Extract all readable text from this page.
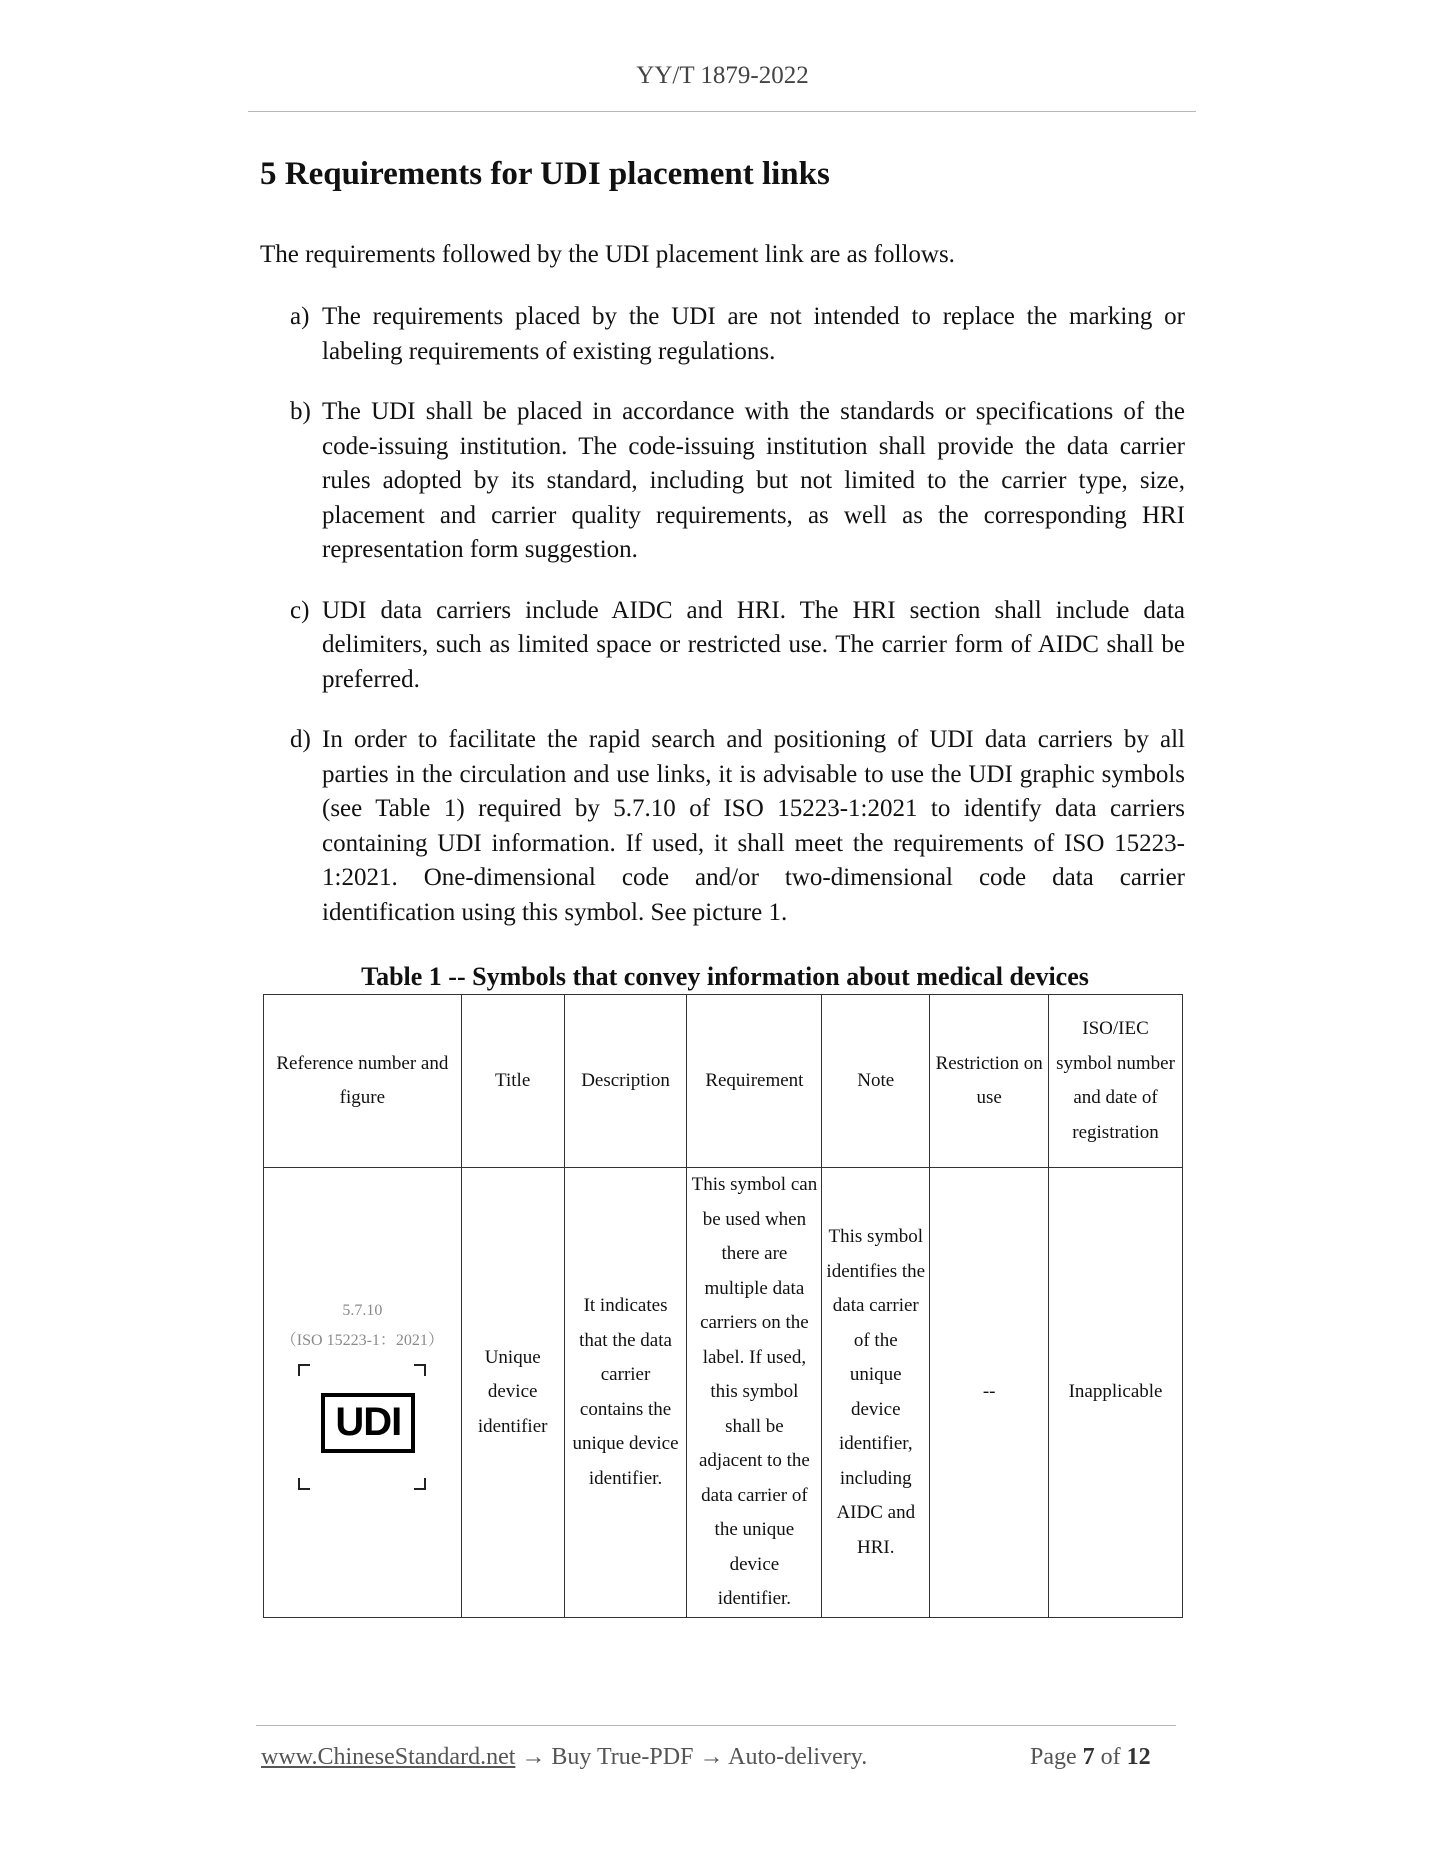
YY/T 1879-2022
5 Requirements for UDI placement links

The requirements followed by the UDI placement link are as follows.

a) The requirements placed by the UDI are not intended to replace the marking or labeling requirements of existing regulations.

b) The UDI shall be placed in accordance with the standards or specifications of the code-issuing institution. The code-issuing institution shall provide the data carrier rules adopted by its standard, including but not limited to the carrier type, size, placement and carrier quality requirements, as well as the corresponding HRI representation form suggestion.

c) UDI data carriers include AIDC and HRI. The HRI section shall include data delimiters, such as limited space or restricted use. The carrier form of AIDC shall be preferred.

d) In order to facilitate the rapid search and positioning of UDI data carriers by all parties in the circulation and use links, it is advisable to use the UDI graphic symbols (see Table 1) required by 5.7.10 of ISO 15223-1:2021 to identify data carriers containing UDI information. If used, it shall meet the requirements of ISO 15223-1:2021. One-dimensional code and/or two-dimensional code data carrier identification using this symbol. See picture 1.

Table 1 -- Symbols that convey information about medical devices
Reference number and figure	Title	Description	Requirement	Note	Restriction on use	ISO/IEC symbol number and date of registration

5.7.10
（ISO 15223-1：2021）
UDI	Unique device identifier	It indicates that the data carrier contains the unique device identifier.	This symbol can be used when there are multiple data carriers on the label. If used, this symbol shall be adjacent to the data carrier of the unique device identifier.	This symbol identifies the data carrier of the unique device identifier, including AIDC and HRI.	--	Inapplicable
www.ChineseStandard.net → Buy True-PDF → Auto-delivery.	Page 7 of 12
